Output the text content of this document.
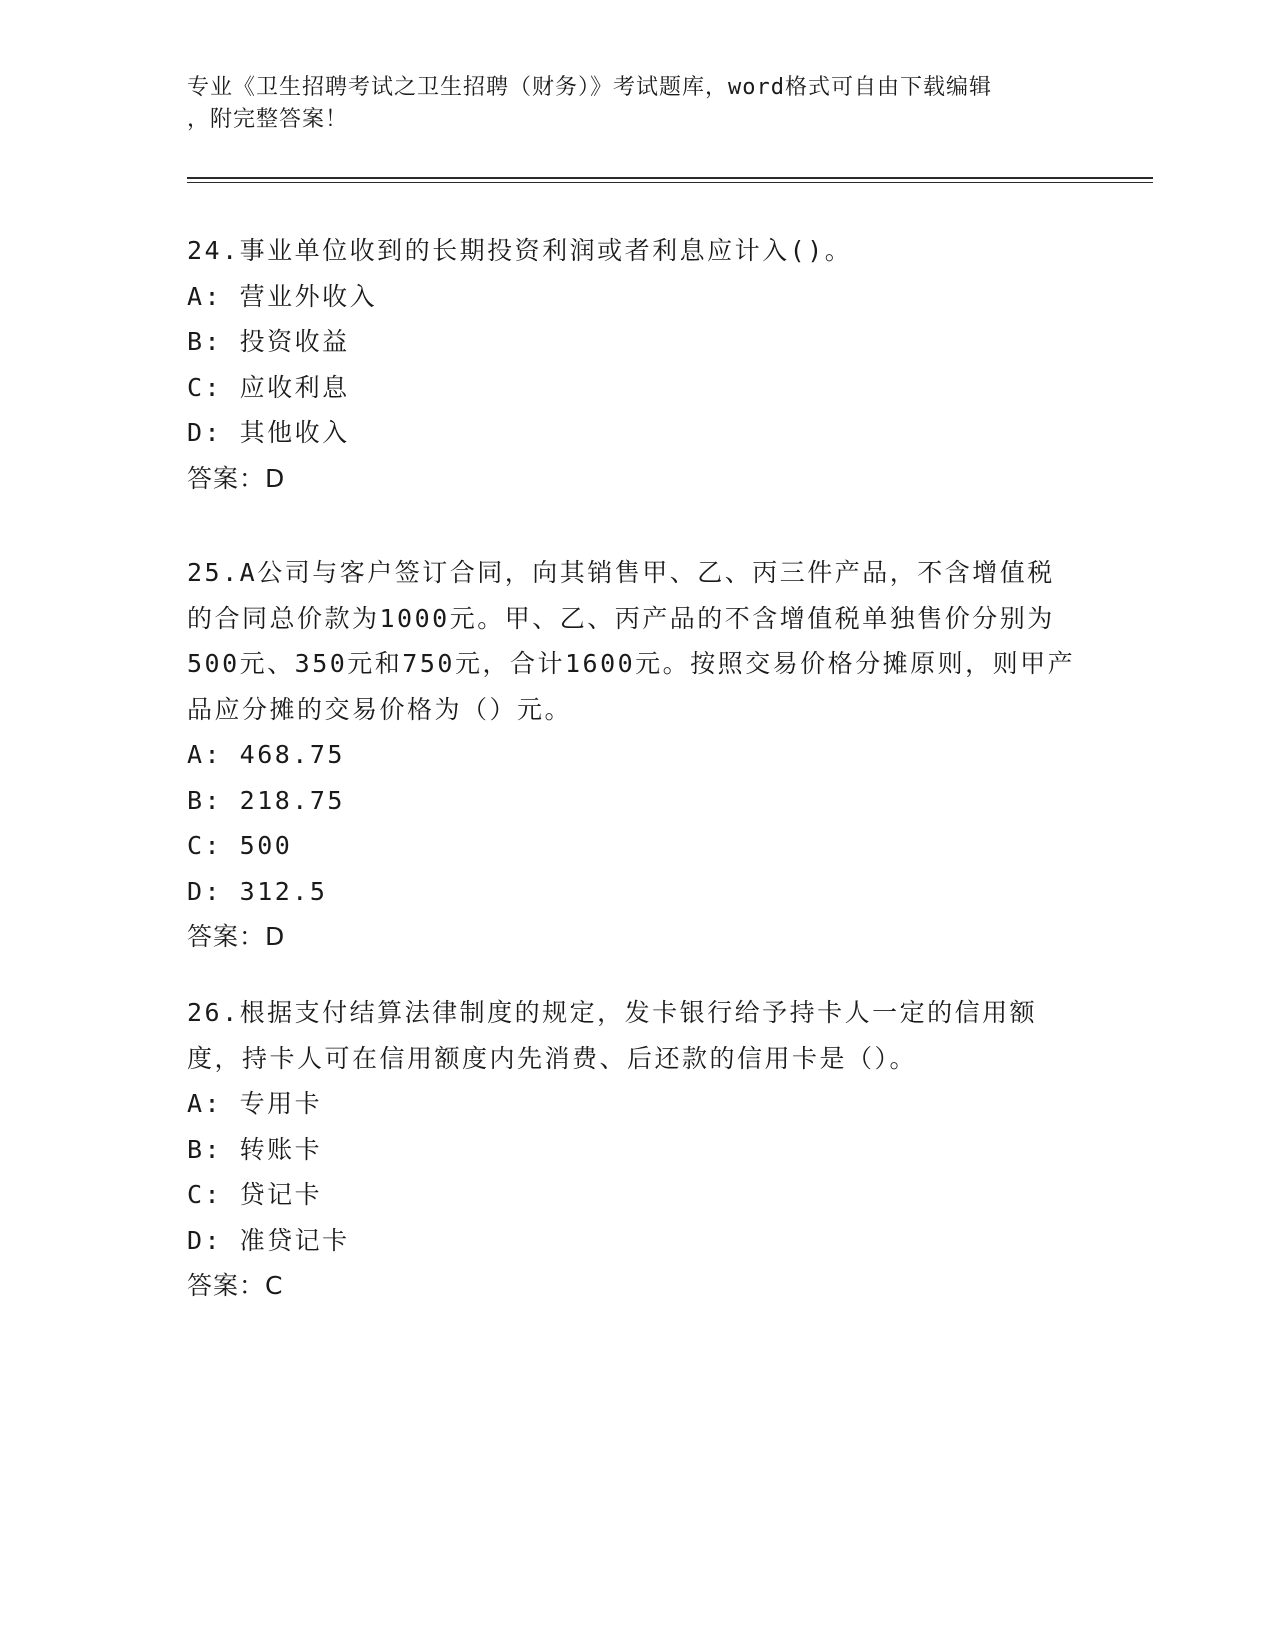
专业《卫生招聘考试之卫生招聘（财务）》考试题库，word格式可自由下载编辑
，附完整答案！

24.事业单位收到的长期投资利润或者利息应计入()。

A: 营业外收入

B: 投资收益

C: 应收利息

D: 其他收入

答案：D

25.A公司与客户签订合同，向其销售甲、乙、丙三件产品，不含增值税的合同总价款为1000元。甲、乙、丙产品的不含增值税单独售价分别为500元、350元和750元，合计1600元。按照交易价格分摊原则，则甲产品应分摊的交易价格为（）元。

A: 468.75

B: 218.75

C: 500

D: 312.5

答案：D

26.根据支付结算法律制度的规定，发卡银行给予持卡人一定的信用额度，持卡人可在信用额度内先消费、后还款的信用卡是（）。

A: 专用卡

B: 转账卡

C: 贷记卡

D: 准贷记卡

答案：C
